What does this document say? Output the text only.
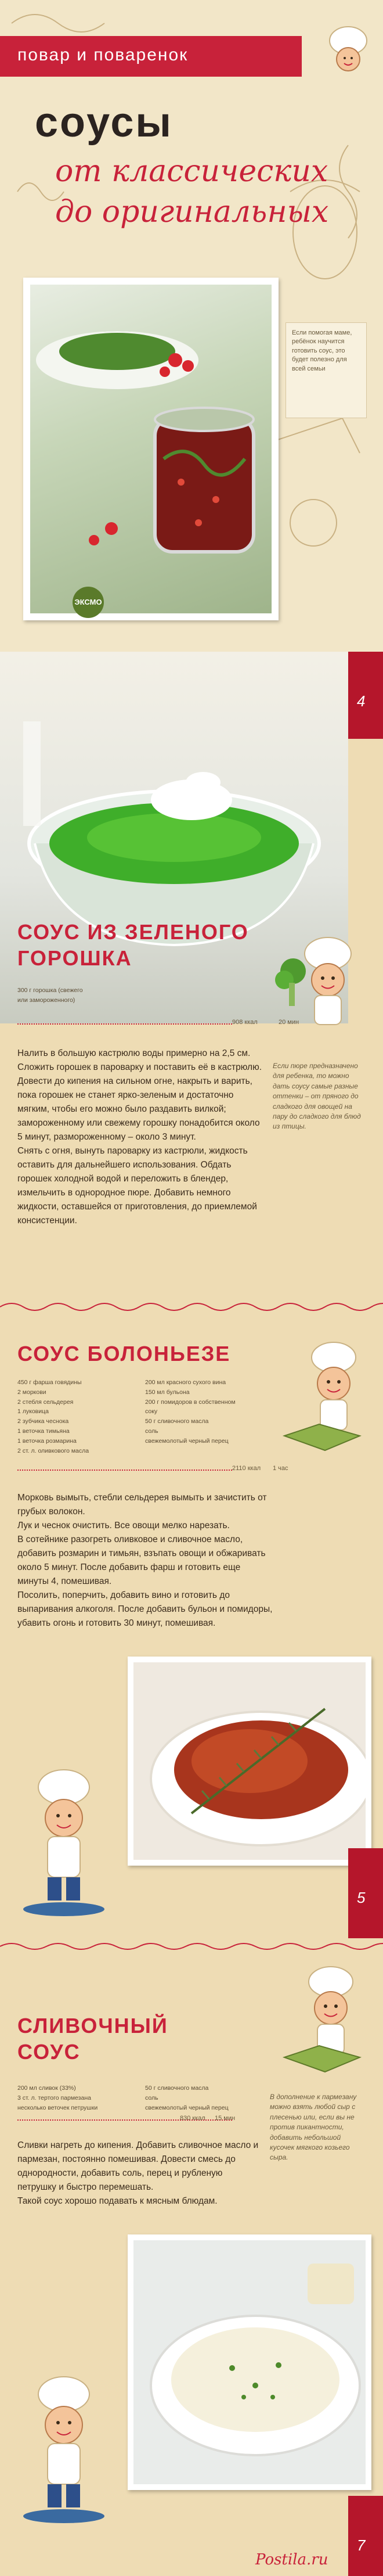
повар и поваренок
соусы
от классических
до оригинальных
ЭКСМО
Если помогая маме, ребёнок научится готовить соус, это будет полезно для всей семьи
4
СОУС ИЗ ЗЕЛЕНОГО
ГОРОШКА
300 г горошка (свежего
или замороженного)
908 ккал	20 мин
Налить в большую кастрюлю воды примерно на 2,5 см. Сложить горошек в пароварку и поставить её в кастрюлю. Довести до кипения на сильном огне, накрыть и варить, пока горошек не станет ярко-зеленым и достаточно мягким, чтобы его можно было раздавить вилкой; замороженному или свежему горошку понадобится около 5 минут, размороженному – около 3 минут.
Снять с огня, вынуть пароварку из кастрюли, жидкость оставить для дальнейшего использования. Обдать горошек холодной водой и переложить в блендер, измельчить в однородное пюре. Добавить немного жидкости, оставшейся от приготовления, до приемлемой консистенции.
Если пюре предназначено для ребенка, то можно дать соусу самые разные оттенки – от пряного до сладкого для овощей на пару до сладкого для блюд из птицы.
СОУС БОЛОНЬЕЗЕ
450 г фарша говядины
2 моркови
2 стебля сельдерея
1 луковица
2 зубчика чеснока
1 веточка тимьяна
1 веточка розмарина
2 ст. л. оливкового масла
200 мл красного сухого вина
150 мл бульона
200 г помидоров в собственном
соку
50 г сливочного масла
соль
свежемолотый черный перец
2110 ккал 1 час
Морковь вымыть, стебли сельдерея вымыть и зачистить от грубых волокон.
Лук и чеснок очистить. Все овощи мелко нарезать.
В сотейнике разогреть оливковое и сливочное масло, добавить розмарин и тимьян, взъпать овощи и обжаривать около 5 минут. После добавить фарш и готовить еще минуты 4, помешивая.
Посолить, поперчить, добавить вино и готовить до выпаривания алкоголя. После добавить бульон и помидоры, убавить огонь и готовить 30 минут, помешивая.
5
СЛИВОЧНЫЙ
СОУС
200 мл сливок (33%)
3 ст. л. тертого пармезана
несколько веточек петрушки
50 г сливочного масла
соль
свежемолотый черный перец
830 ккал 15 мин
Сливки нагреть до кипения. Добавить сливочное масло и пармезан, постоянно помешивая. Довести смесь до однородности, добавить соль, перец и рубленую петрушку и быстро перемешать.
Такой соус хорошо подавать к мясным блюдам.
В дополнение к пармезану можно взять любой сыр с плесенью или, если вы не против пикантности, добавить небольшой кусочек мягкого козьего сыра.
7
Postila.ru
